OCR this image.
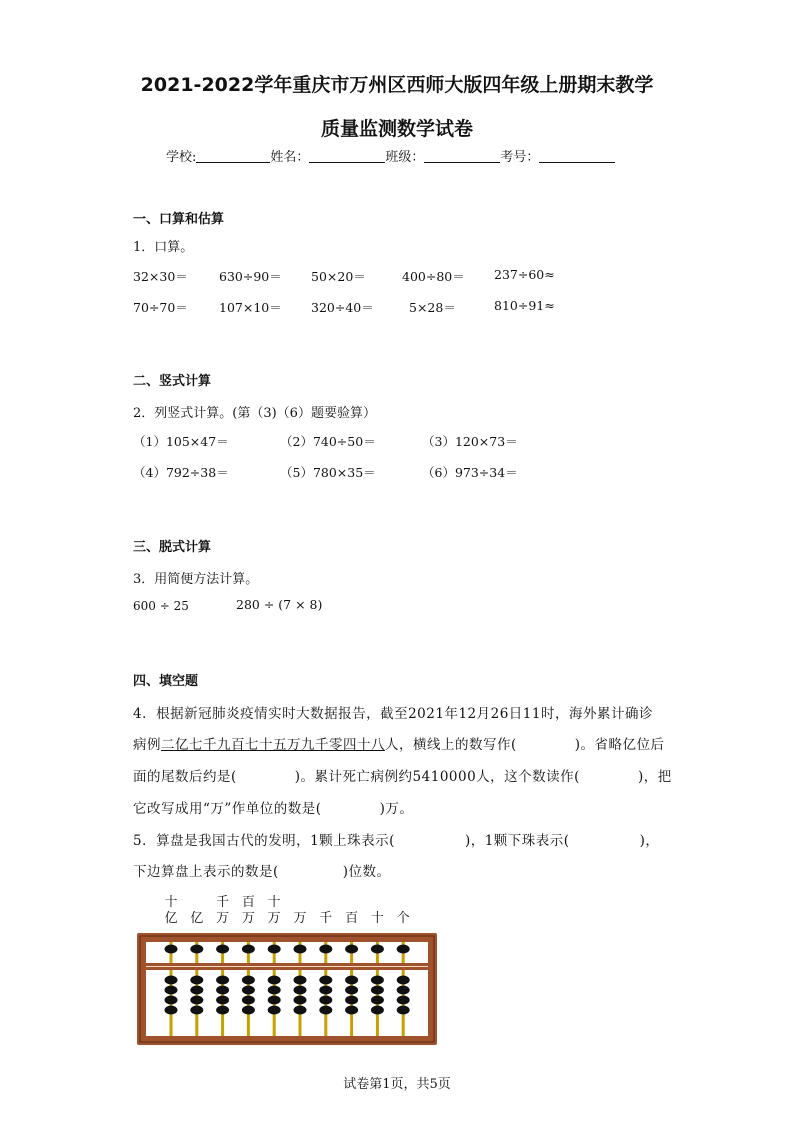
2021-2022学年重庆市万州区西师大版四年级上册期末教学
质量监测数学试卷
学校:	姓名：	班级：	考号：
一、口算和估算
1．口算。
32×30＝ 630÷90＝ 50×20＝	400÷80＝ 237÷60≈
70÷70＝ 107×10＝ 320÷40＝	5×28＝	810÷91≈
二、竖式计算
2．列竖式计算。(第（3)（6）题要验算）
（1）105×47＝	（2）740÷50＝	（3）120×73＝
（4）792÷38＝	（5）780×35＝	（6）973÷34＝
三、脱式计算
3．用简便方法计算。
600 ÷ 25	280 ÷ (7 × 8)
四、填空题
4．根据新冠肺炎疫情实时大数据报告，截至2021年12月26日11时，海外累计确诊
病例二亿七千九百七十五万九千零四十八人，横线上的数写作(	)。省略亿位后
面的尾数后约是(	)。累计死亡病例约5410000人，这个数读作(	)，把
它改写成用“万”作单位的数是(	)万。
5．算盘是我国古代的发明，1颗上珠表示(	)，1颗下珠表示(	)，
下边算盘上表示的数是(	)位数。
十
亿 亿
千
万
百
万
十
万 万 千 百 十 个
试卷第1页，共5页
